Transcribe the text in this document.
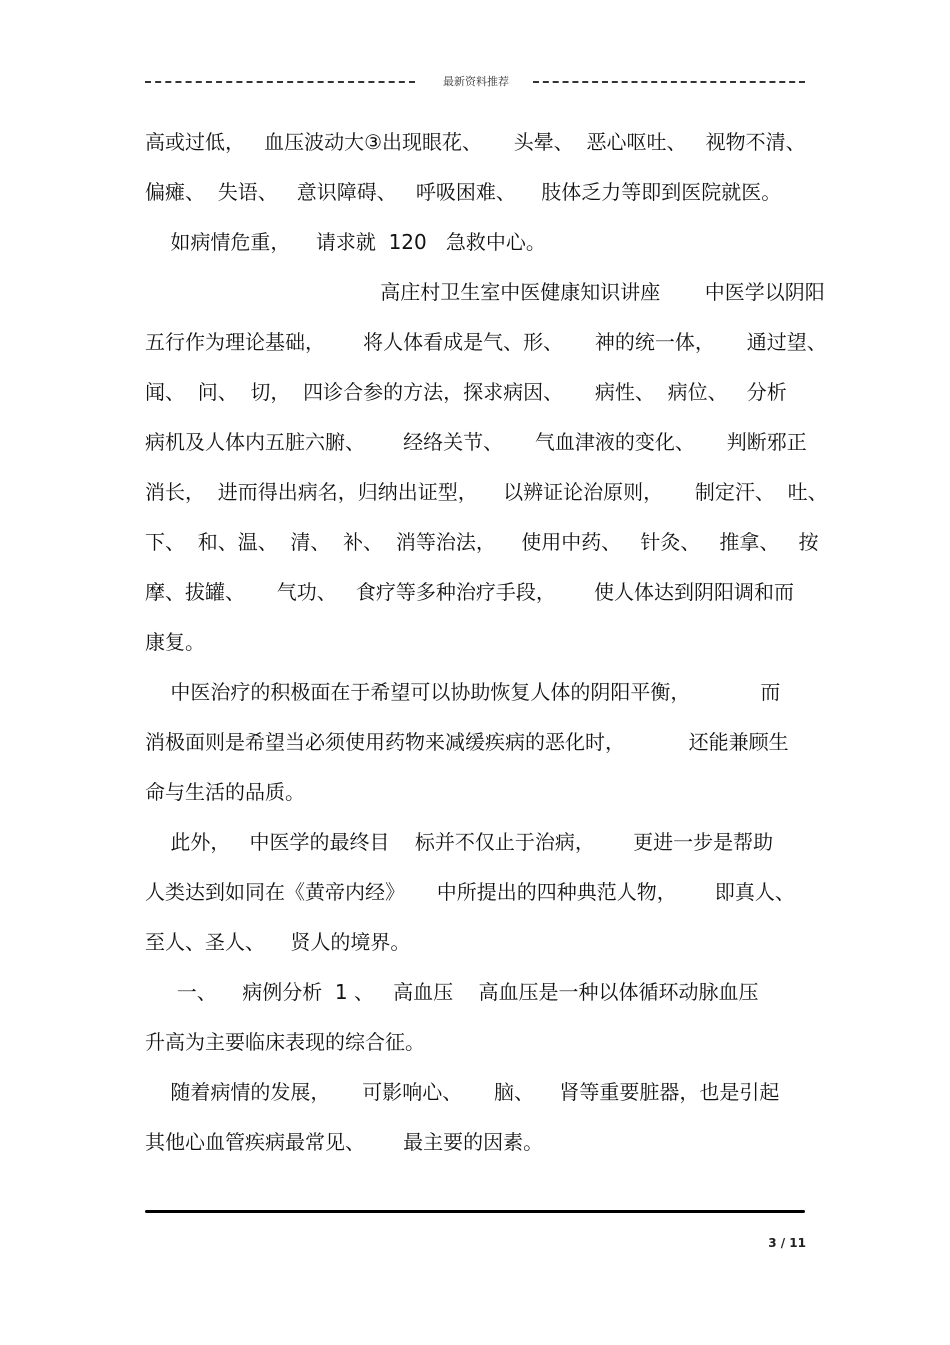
最新资料推荐
高或过低，   血压波动大③出现眼花、     头晕、  恶心呕吐、   视物不清、
偏瘫、  失语、   意识障碍、   呼吸困难、    肢体乏力等即到医院就医。
如病情危重，    请求就  120   急救中心。
高庄村卫生室中医健康知识讲座       中医学以阴阳
五行作为理论基础，      将人体看成是气、形、     神的统一体，     通过望、
闻、  问、  切，  四诊合参的方法，探求病因、     病性、  病位、   分析
病机及人体内五脏六腑、      经络关节、     气血津液的变化、     判断邪正
消长，  进而得出病名，归纳出证型，    以辨证论治原则，     制定汗、  吐、
下、  和、温、  清、  补、  消等治法，    使用中药、   针灸、   推拿、   按
摩、拔罐、     气功、   食疗等多种治疗手段，      使人体达到阴阳调和而
康复。
中医治疗的积极面在于希望可以协助恢复人体的阴阳平衡，           而
消极面则是希望当必须使用药物来减缓疾病的恶化时，          还能兼顾生
命与生活的品质。
此外，   中医学的最终目    标并不仅止于治病，      更进一步是帮助
人类达到如同在《黄帝内经》     中所提出的四种典范人物，      即真人、
至人、圣人、    贤人的境界。
一、    病例分析  1 、   高血压    高血压是一种以体循环动脉血压
升高为主要临床表现的综合征。
随着病情的发展，     可影响心、     脑、    肾等重要脏器，也是引起
其他心血管疾病最常见、      最主要的因素。
3 / 11
